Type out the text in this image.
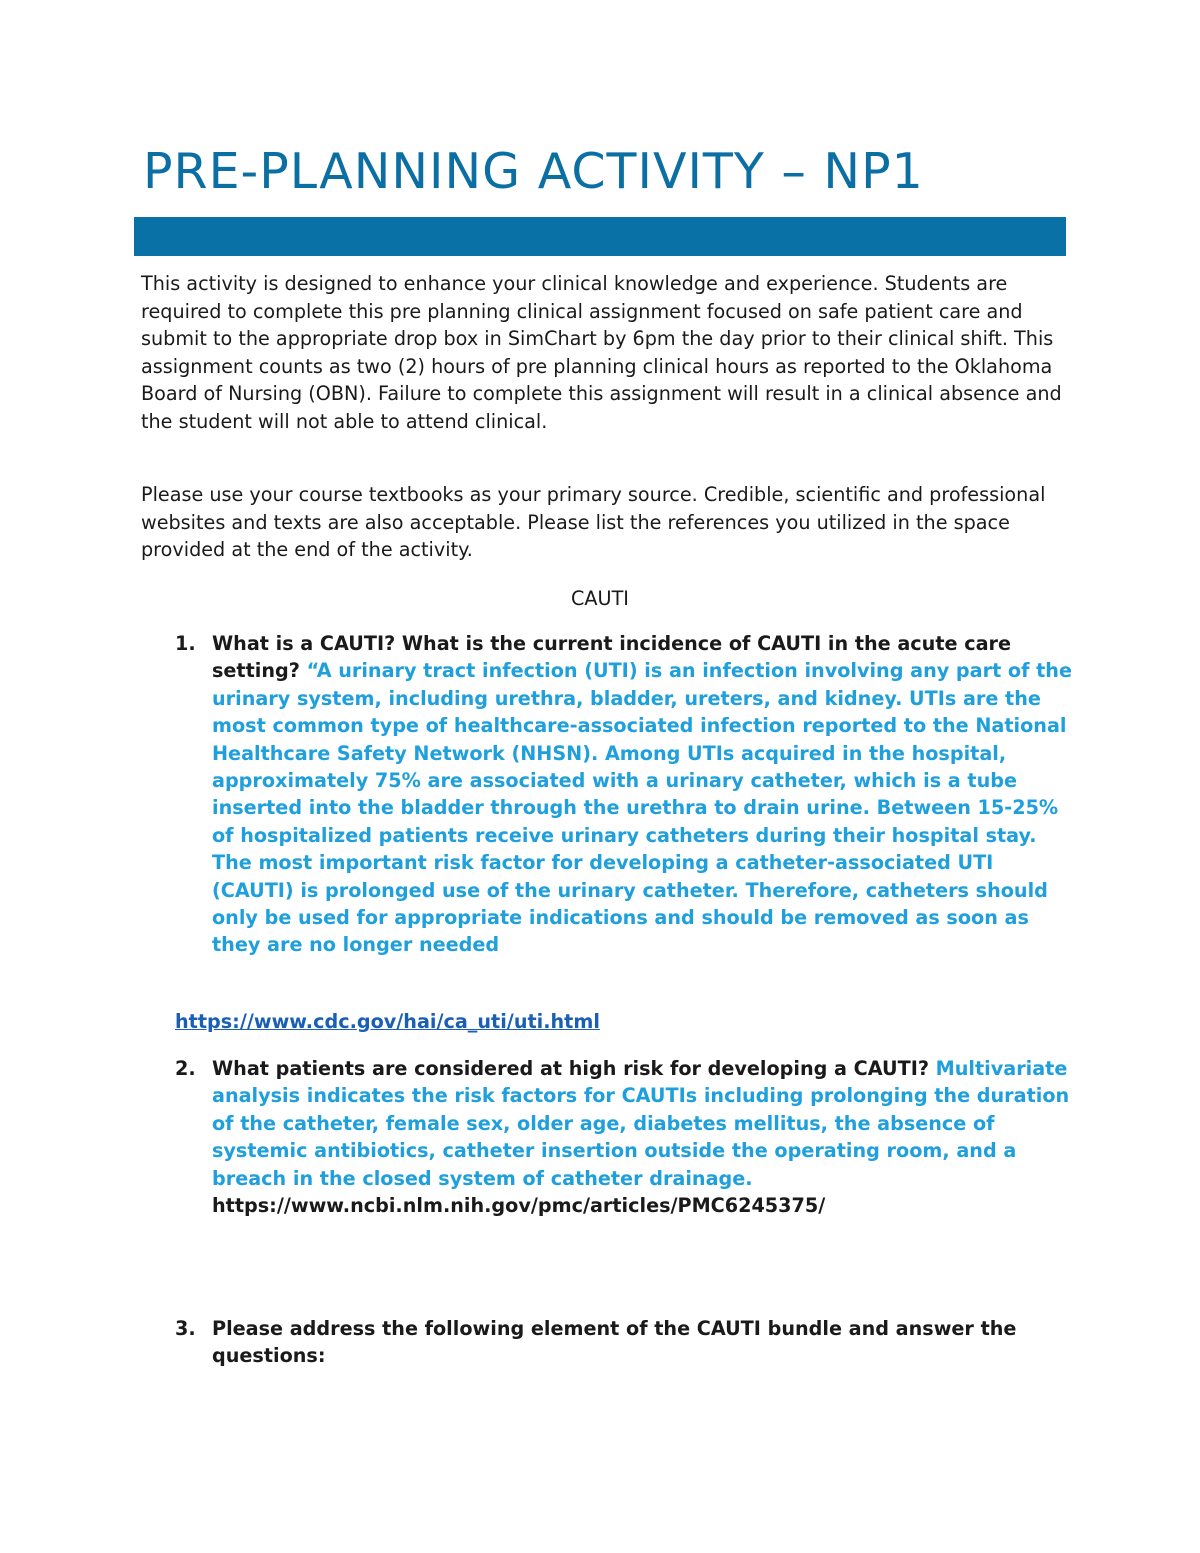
PRE-PLANNING ACTIVITY – NP1

This activity is designed to enhance your clinical knowledge and experience. Students are required to complete this pre planning clinical assignment focused on safe patient care and submit to the appropriate drop box in SimChart by 6pm the day prior to their clinical shift. This assignment counts as two (2) hours of pre planning clinical hours as reported to the Oklahoma Board of Nursing (OBN). Failure to complete this assignment will result in a clinical absence and the student will not able to attend clinical.

Please use your course textbooks as your primary source. Credible, scientific and professional websites and texts are also acceptable. Please list the references you utilized in the space provided at the end of the activity.

CAUTI
1. What is a CAUTI? What is the current incidence of CAUTI in the acute care setting? “A urinary tract infection (UTI) is an infection involving any part of the urinary system, including urethra, bladder, ureters, and kidney. UTIs are the most common type of healthcare-associated infection reported to the National Healthcare Safety Network (NHSN). Among UTIs acquired in the hospital, approximately 75% are associated with a urinary catheter, which is a tube inserted into the bladder through the urethra to drain urine. Between 15-25% of hospitalized patients receive urinary catheters during their hospital stay. The most important risk factor for developing a catheter-associated UTI (CAUTI) is prolonged use of the urinary catheter. Therefore, catheters should only be used for appropriate indications and should be removed as soon as they are no longer needed
2. What patients are considered at high risk for developing a CAUTI? Multivariate analysis indicates the risk factors for CAUTIs including prolonging the duration of the catheter, female sex, older age, diabetes mellitus, the absence of systemic antibiotics, catheter insertion outside the operating room, and a breach in the closed system of catheter drainage.
https://www.ncbi.nlm.nih.gov/pmc/articles/PMC6245375/
3. Please address the following element of the CAUTI bundle and answer the questions:
https://www.cdc.gov/hai/ca_uti/uti.html
